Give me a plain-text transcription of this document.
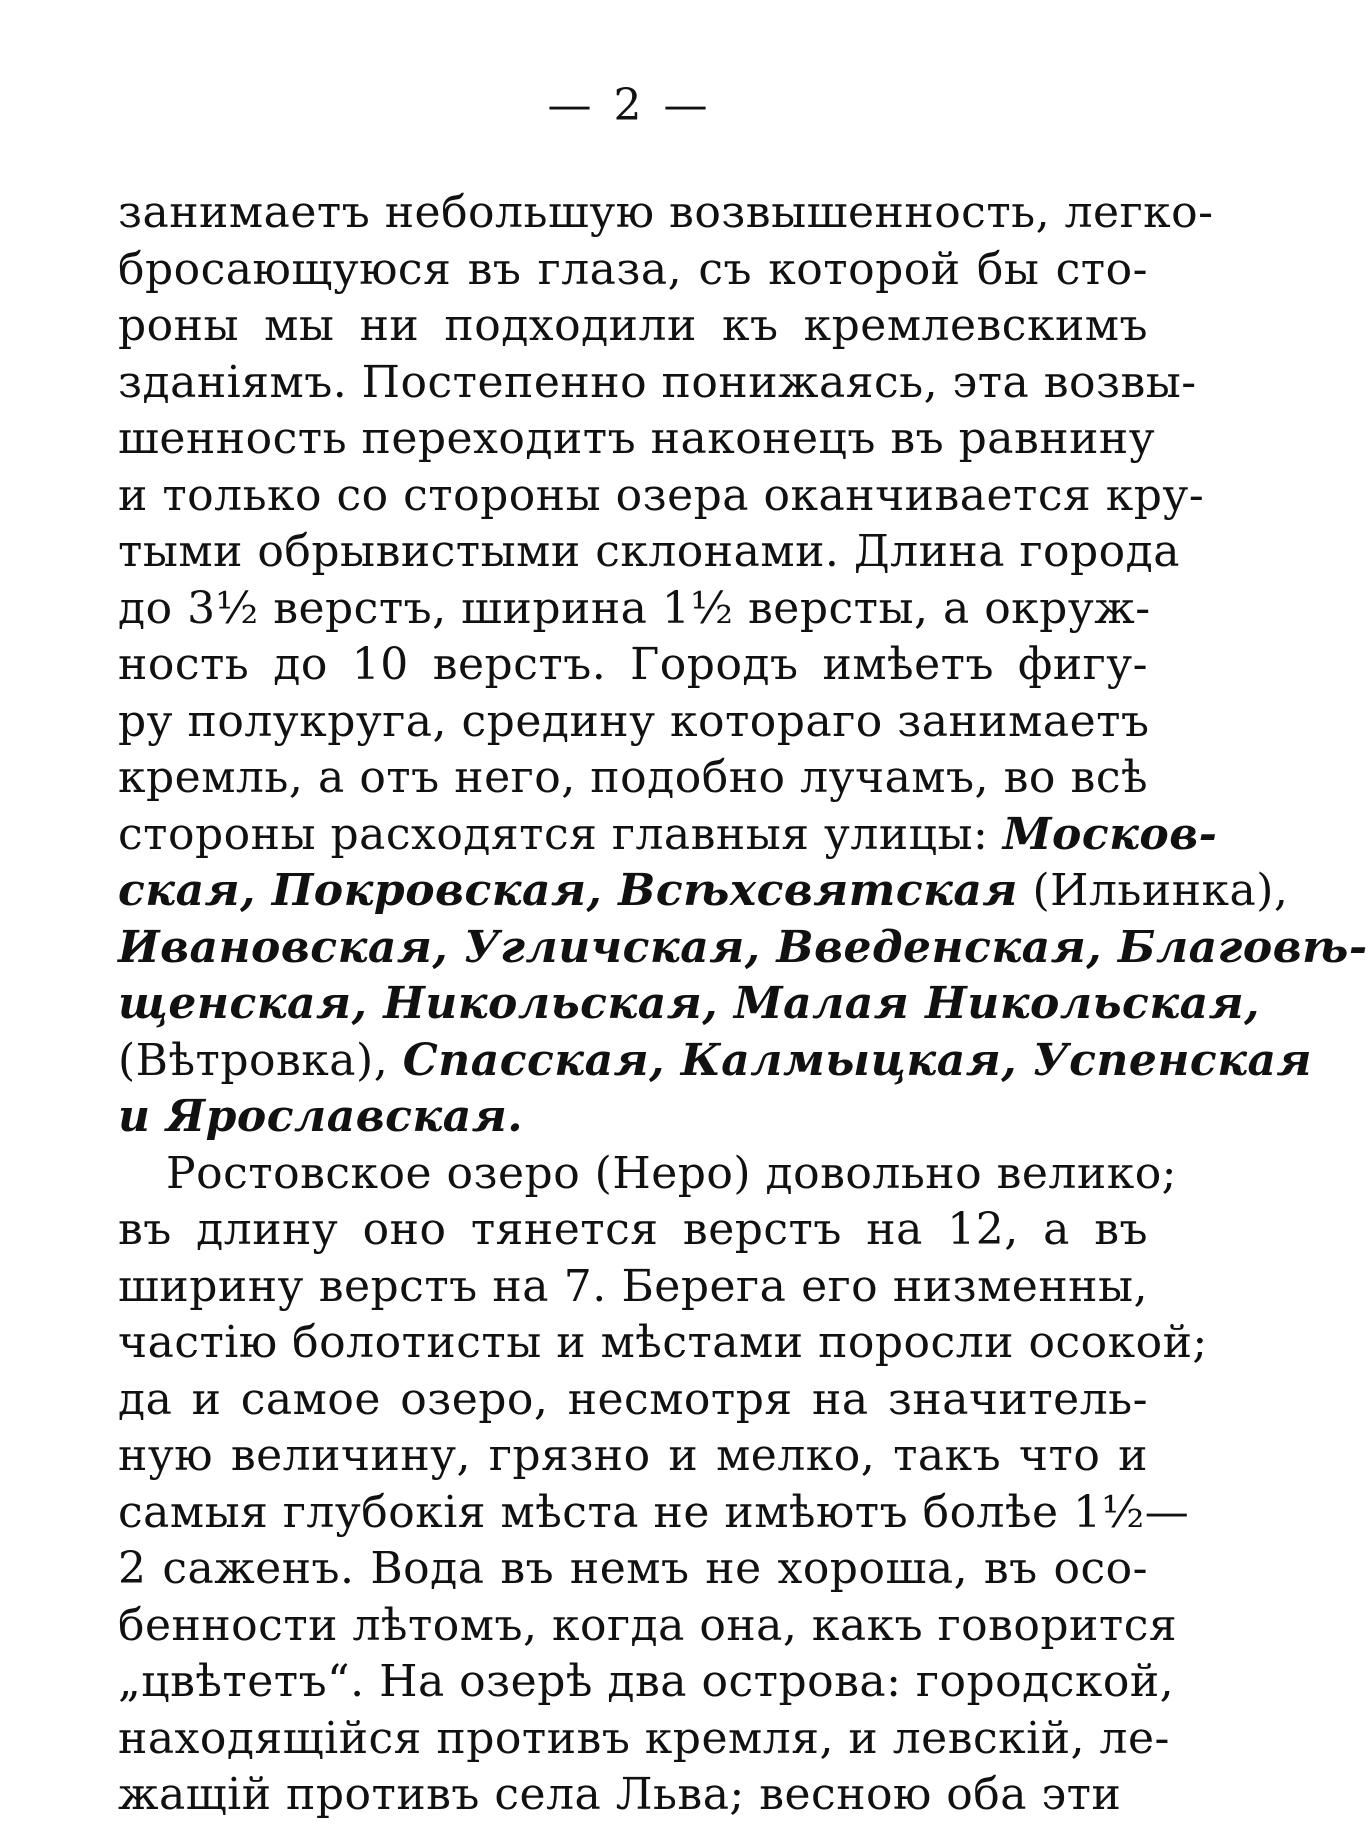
— 2 —
занимаетъ небольшую возвышенность, легко-
бросающуюся въ глаза, съ которой бы сто-
роны мы ни подходили къ кремлевскимъ
зданіямъ. Постепенно понижаясь, эта возвы-
шенность переходитъ наконецъ въ равнину
и только со стороны озера оканчивается кру-
тыми обрывистыми склонами. Длина города
до 3½ верстъ, ширина 1½ версты, а окруж-
ность до 10 верстъ. Городъ имѣетъ фигу-
ру полукруга, средину котораго занимаетъ
кремль, а отъ него, подобно лучамъ, во всѣ
стороны расходятся главныя улицы: Москов-
ская, Покровская, Всѣхсвятская (Ильинка),
Ивановская, Угличская, Введенская, Благовѣ-
щенская, Никольская, Малая Никольская,
(Вѣтровка), Спасская, Калмыцкая, Успенская
и Ярославская.
Ростовское озеро (Неро) довольно велико;
въ длину оно тянется верстъ на 12, а въ
ширину верстъ на 7. Берега его низменны,
частію болотисты и мѣстами поросли осокой;
да и самое озеро, несмотря на значитель-
ную величину, грязно и мелко, такъ что и
самыя глубокія мѣста не имѣютъ болѣе 1½—
2 саженъ. Вода въ немъ не хороша, въ осо-
бенности лѣтомъ, когда она, какъ говорится
„цвѣтетъ“. На озерѣ два острова: городской,
находящійся противъ кремля, и левскій, ле-
жащій противъ села Льва; весною оба эти
